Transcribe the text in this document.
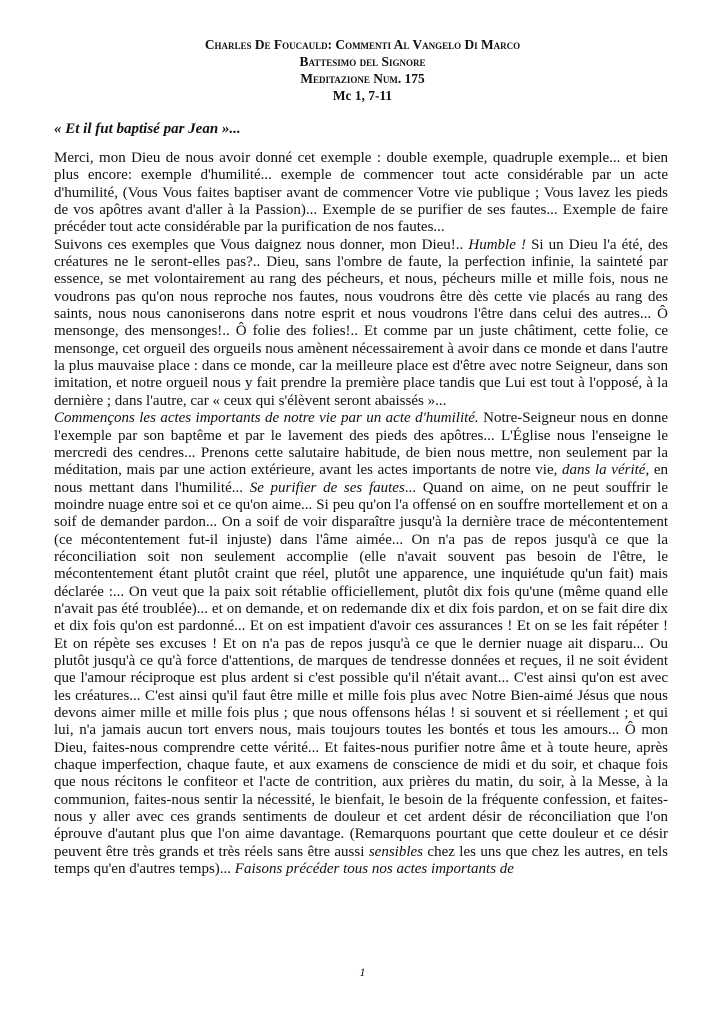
Charles De Foucauld: Commenti Al Vangelo Di Marco
Battesimo del Signore
Meditazione Num. 175
Mc 1, 7-11
« Et il fut baptisé par Jean »...

Merci, mon Dieu de nous avoir donné cet exemple : double exemple, quadruple exemple... et bien plus encore: exemple d'humilité... exemple de commencer tout acte considérable par un acte d'humilité, (Vous Vous faites baptiser avant de commencer Votre vie publique ; Vous lavez les pieds de vos apôtres avant d'aller à la Passion)... Exemple de se purifier de ses fautes... Exemple de faire précéder tout acte considérable par la purification de nos fautes...

Suivons ces exemples que Vous daignez nous donner, mon Dieu!.. Humble ! Si un Dieu l'a été, des créatures ne le seront-elles pas?.. Dieu, sans l'ombre de faute, la perfection infinie, la sainteté par essence, se met volontairement au rang des pécheurs, et nous, pécheurs mille et mille fois, nous ne voudrons pas qu'on nous reproche nos fautes, nous voudrons être dès cette vie placés au rang des saints, nous nous canoniserons dans notre esprit et nous voudrons l'être dans celui des autres... Ô mensonge, des mensonges!.. Ô folie des folies!.. Et comme par un juste châtiment, cette folie, ce mensonge, cet orgueil des orgueils nous amènent nécessairement à avoir dans ce monde et dans l'autre la plus mauvaise place : dans ce monde, car la meilleure place est d'être avec notre Seigneur, dans son imitation, et notre orgueil nous y fait prendre la première place tandis que Lui est tout à l'opposé, à la dernière ; dans l'autre, car « ceux qui s'élèvent seront abaissés »...

Commençons les actes importants de notre vie par un acte d'humilité. Notre-Seigneur nous en donne l'exemple par son baptême et par le lavement des pieds des apôtres... L'Église nous l'enseigne le mercredi des cendres... Prenons cette salutaire habitude, de bien nous mettre, non seulement par la méditation, mais par une action extérieure, avant les actes importants de notre vie, dans la vérité, en nous mettant dans l'humilité... Se purifier de ses fautes... Quand on aime, on ne peut souffrir le moindre nuage entre soi et ce qu'on aime... Si peu qu'on l'a offensé on en souffre mortellement et on a soif de demander pardon... On a soif de voir disparaître jusqu'à la dernière trace de mécontentement (ce mécontentement fut-il injuste) dans l'âme aimée... On n'a pas de repos jusqu'à ce que la réconciliation soit non seulement accomplie (elle n'avait souvent pas besoin de l'être, le mécontentement étant plutôt craint que réel, plutôt une apparence, une inquiétude qu'un fait) mais déclarée :... On veut que la paix soit rétablie officiellement, plutôt dix fois qu'une (même quand elle n'avait pas été troublée)... et on demande, et on redemande dix et dix fois pardon, et on se fait dire dix et dix fois qu'on est pardonné... Et on est impatient d'avoir ces assurances ! Et on se les fait répéter ! Et on répète ses excuses ! Et on n'a pas de repos jusqu'à ce que le dernier nuage ait disparu... Ou plutôt jusqu'à ce qu'à force d'attentions, de marques de tendresse données et reçues, il ne soit évident que l'amour réciproque est plus ardent si c'est possible qu'il n'était avant... C'est ainsi qu'on est avec les créatures... C'est ainsi qu'il faut être mille et mille fois plus avec Notre Bien-aimé Jésus que nous devons aimer mille et mille fois plus ; que nous offensons hélas ! si souvent et si réellement ; et qui lui, n'a jamais aucun tort envers nous, mais toujours toutes les bontés et tous les amours... Ô mon Dieu, faites-nous comprendre cette vérité... Et faites-nous purifier notre âme et à toute heure, après chaque imperfection, chaque faute, et aux examens de conscience de midi et du soir, et chaque fois que nous récitons le confiteor et l'acte de contrition, aux prières du matin, du soir, à la Messe, à la communion, faites-nous sentir la nécessité, le bienfait, le besoin de la fréquente confession, et faites-nous y aller avec ces grands sentiments de douleur et cet ardent désir de réconciliation que l'on éprouve d'autant plus que l'on aime davantage. (Remarquons pourtant que cette douleur et ce désir peuvent être très grands et très réels sans être aussi sensibles chez les uns que chez les autres, en tels temps qu'en d'autres temps)... Faisons précéder tous nos actes importants de

1
